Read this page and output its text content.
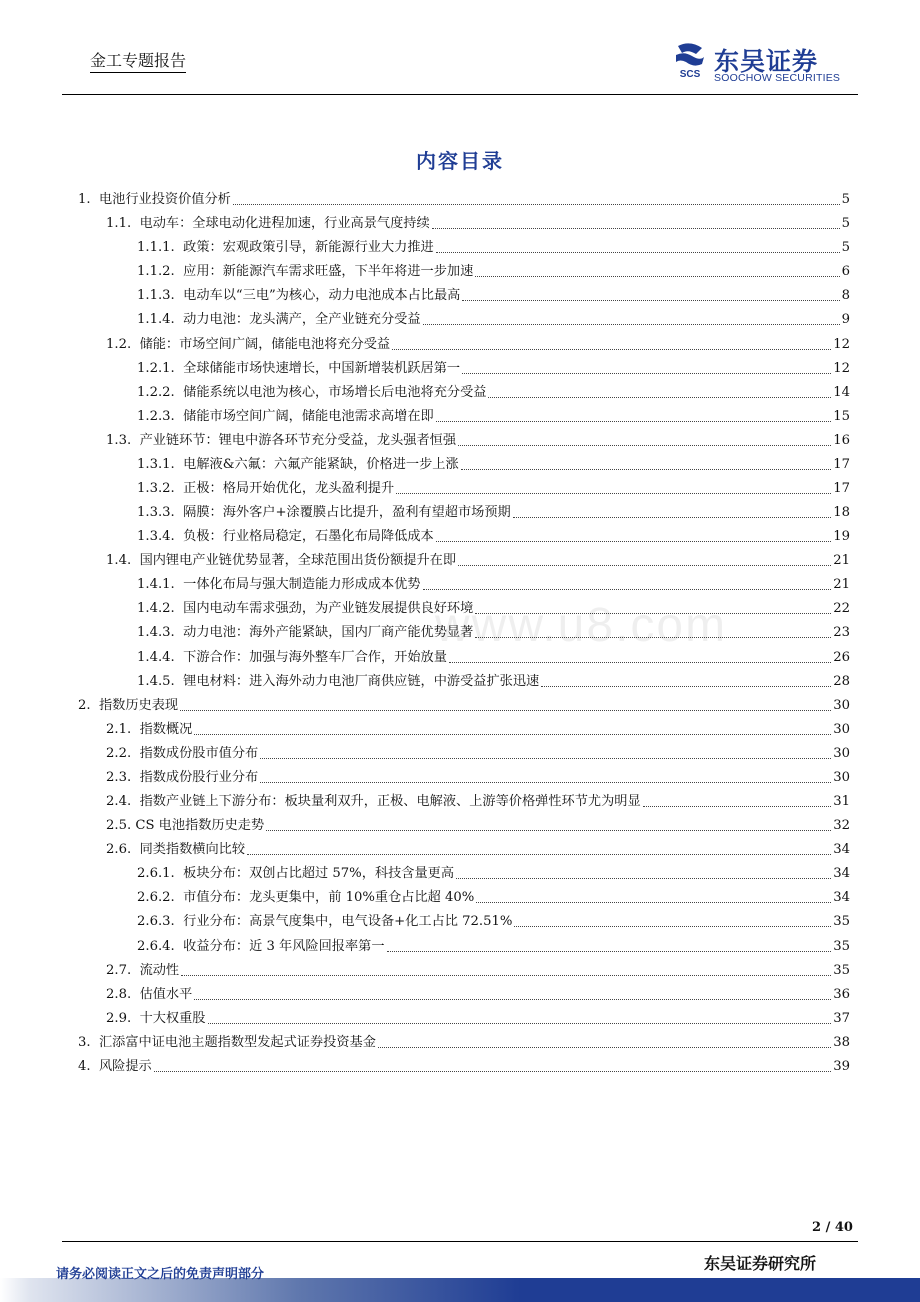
金工专题报告
SCS 东吴证券
SOOCHOW SECURITIES
内容目录
1. 电池行业投资价值分析	5
1.1. 电动车：全球电动化进程加速，行业高景气度持续	5
1.1.1. 政策：宏观政策引导，新能源行业大力推进	5
1.1.2. 应用：新能源汽车需求旺盛，下半年将进一步加速	6
1.1.3. 电动车以“三电”为核心，动力电池成本占比最高	8
1.1.4. 动力电池：龙头满产，全产业链充分受益	9
1.2. 储能：市场空间广阔，储能电池将充分受益	12
1.2.1. 全球储能市场快速增长，中国新增装机跃居第一	12
1.2.2. 储能系统以电池为核心，市场增长后电池将充分受益	14
1.2.3. 储能市场空间广阔，储能电池需求高增在即	15
1.3. 产业链环节：锂电中游各环节充分受益，龙头强者恒强	16
1.3.1. 电解液&六氟：六氟产能紧缺，价格进一步上涨	17
1.3.2. 正极：格局开始优化，龙头盈利提升	17
1.3.3. 隔膜：海外客户+涂覆膜占比提升，盈利有望超市场预期	18
1.3.4. 负极：行业格局稳定，石墨化布局降低成本	19
1.4. 国内锂电产业链优势显著，全球范围出货份额提升在即	21
1.4.1. 一体化布局与强大制造能力形成成本优势	21
1.4.2. 国内电动车需求强劲，为产业链发展提供良好环境	22
1.4.3. 动力电池：海外产能紧缺，国内厂商产能优势显著	23
1.4.4. 下游合作：加强与海外整车厂合作，开始放量	26
1.4.5. 锂电材料：进入海外动力电池厂商供应链，中游受益扩张迅速	28
2. 指数历史表现	30
2.1. 指数概况	30
2.2. 指数成份股市值分布	30
2.3. 指数成份股行业分布	30
2.4. 指数产业链上下游分布：板块量利双升，正极、电解液、上游等价格弹性环节尤为明显	31
2.5. CS 电池指数历史走势	32
2.6. 同类指数横向比较	34
2.6.1. 板块分布：双创占比超过 57%，科技含量更高	34
2.6.2. 市值分布：龙头更集中，前 10%重仓占比超 40%	34
2.6.3. 行业分布：高景气度集中，电气设备+化工占比 72.51%	35
2.6.4. 收益分布：近 3 年风险回报率第一	35
2.7. 流动性	35
2.8. 估值水平	36
2.9. 十大权重股	37
3. 汇添富中证电池主题指数型发起式证券投资基金	38
4. 风险提示	39
www.u8.com
2 / 40
东吴证券研究所
请务必阅读正文之后的免责声明部分
